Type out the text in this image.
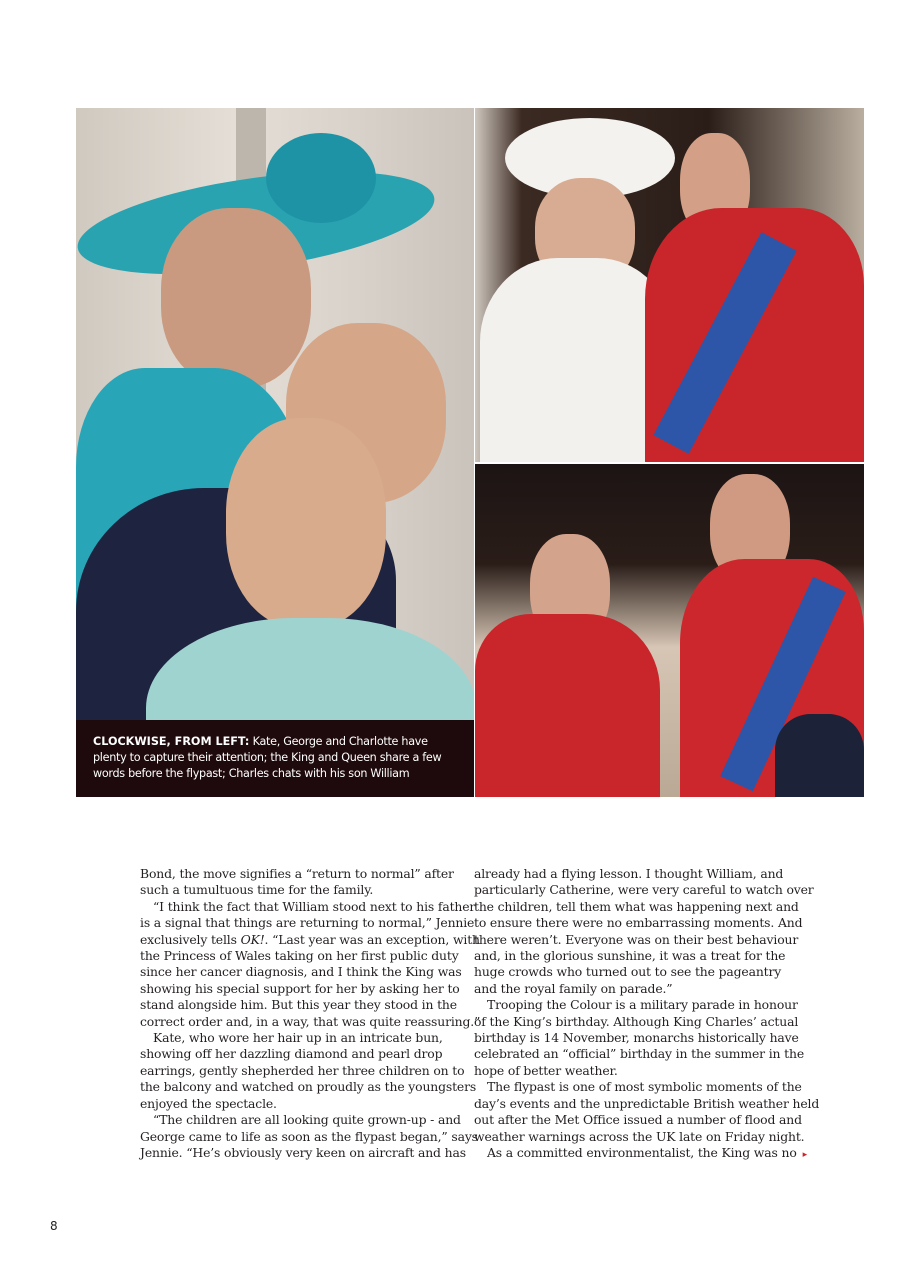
CLOCKWISE, FROM LEFT: Kate, George and Charlotte have plenty to capture their attention; the King and Queen share a few words before the flypast; Charles chats with his son William
Bond, the move signifies a “return to normal” after
such a tumultuous time for the family.
“I think the fact that William stood next to his father
is a signal that things are returning to normal,” Jennie
exclusively tells OK!. “Last year was an exception, with
the Princess of Wales taking on her first public duty
since her cancer diagnosis, and I think the King was
showing his special support for her by asking her to
stand alongside him. But this year they stood in the
correct order and, in a way, that was quite reassuring.”
Kate, who wore her hair up in an intricate bun,
showing off her dazzling diamond and pearl drop
earrings, gently shepherded her three children on to
the balcony and watched on proudly as the youngsters
enjoyed the spectacle.
“The children are all looking quite grown-up - and
George came to life as soon as the flypast began,” says
Jennie. “He’s obviously very keen on aircraft and has
already had a flying lesson. I thought William, and
particularly Catherine, were very careful to watch over
the children, tell them what was happening next and
to ensure there were no embarrassing moments. And
there weren’t. Everyone was on their best behaviour
and, in the glorious sunshine, it was a treat for the
huge crowds who turned out to see the pageantry
and the royal family on parade.”
Trooping the Colour is a military parade in honour
of the King’s birthday. Although King Charles’ actual
birthday is 14 November, monarchs historically have
celebrated an “official” birthday in the summer in the
hope of better weather.
The flypast is one of most symbolic moments of the
day’s events and the unpredictable British weather held
out after the Met Office issued a number of flood and
weather warnings across the UK late on Friday night.
As a committed environmentalist, the King was no ▸
8
